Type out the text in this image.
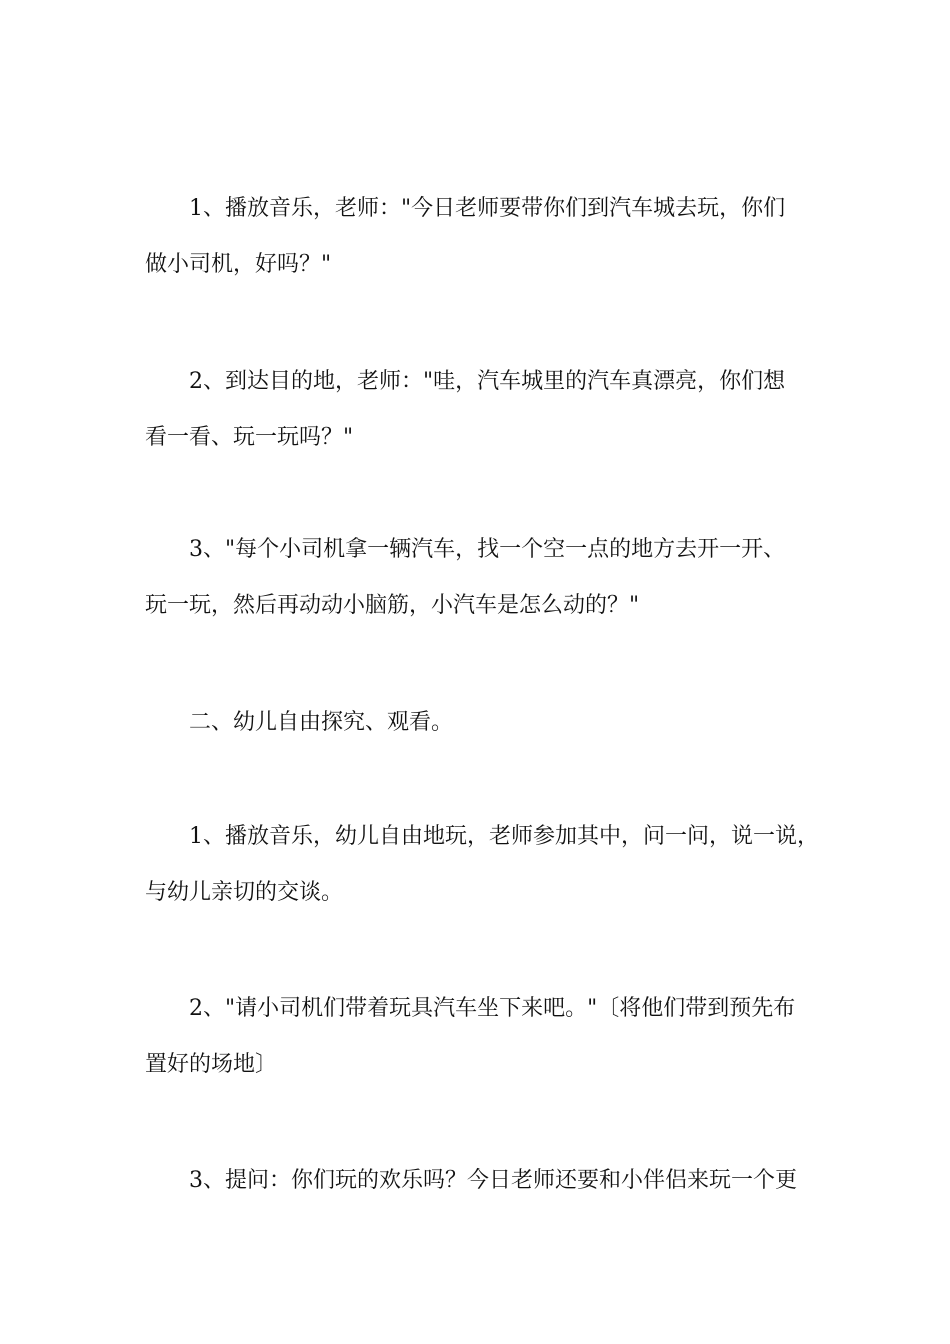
1、播放音乐，老师："今日老师要带你们到汽车城去玩，你们
做小司机，好吗？"
2、到达目的地，老师："哇，汽车城里的汽车真漂亮，你们想
看一看、玩一玩吗？"
3、"每个小司机拿一辆汽车，找一个空一点的地方去开一开、
玩一玩，然后再动动小脑筋，小汽车是怎么动的？"
二、幼儿自由探究、观看。
1、播放音乐，幼儿自由地玩，老师参加其中，问一问，说一说，
与幼儿亲切的交谈。
2、"请小司机们带着玩具汽车坐下来吧。"〔将他们带到预先布
置好的场地〕
3、提问：你们玩的欢乐吗？今日老师还要和小伴侣来玩一个更
